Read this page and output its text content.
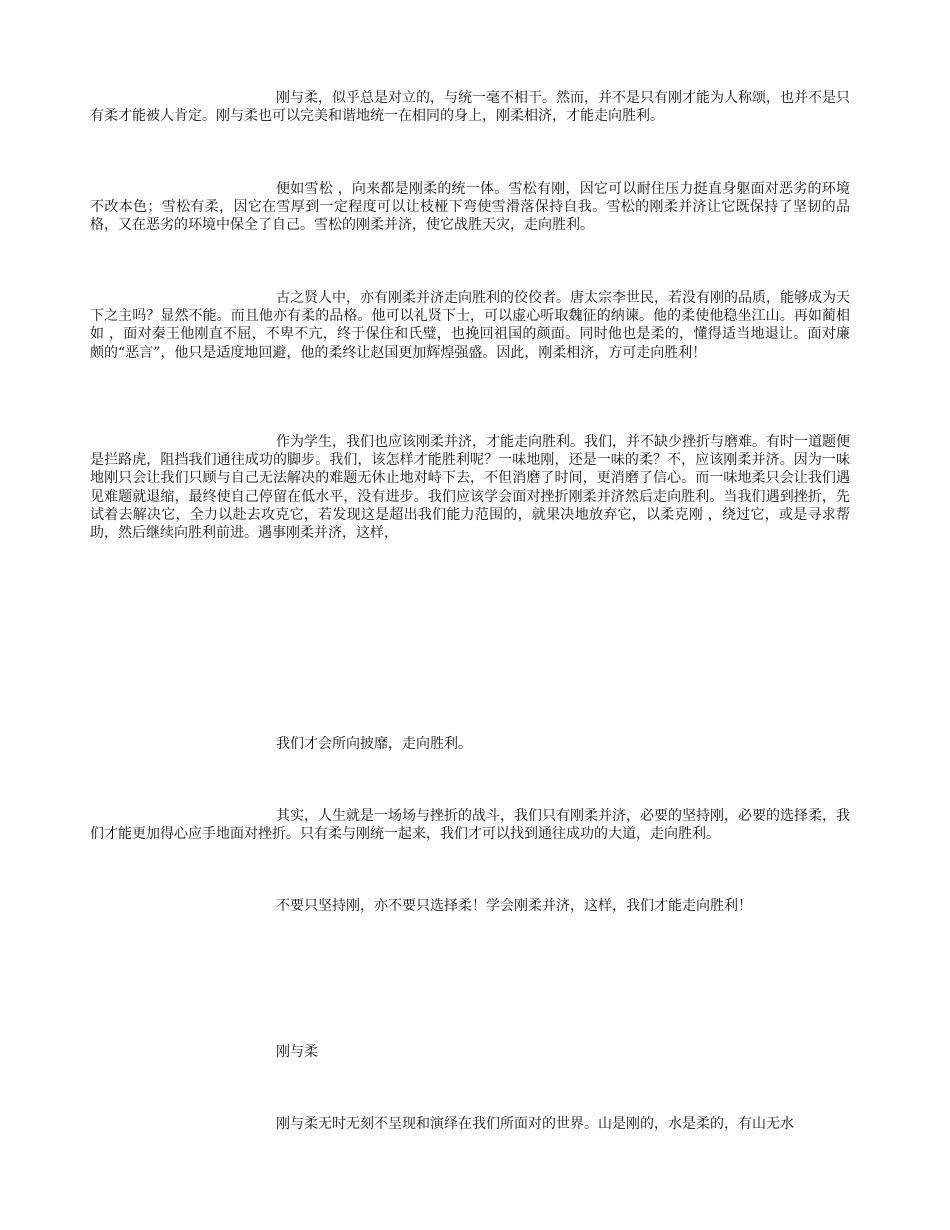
刚与柔，似乎总是对立的，与统一毫不相干。然而，并不是只有刚才能为人称颂，也并不是只有柔才能被人肯定。刚与柔也可以完美和谐地统一在相同的身上，刚柔相济，才能走向胜利。

便如雪松 ，向来都是刚柔的统一体。雪松有刚，因它可以耐住压力挺直身躯面对恶劣的环境不改本色；雪松有柔，因它在雪厚到一定程度可以让枝桠下弯使雪滑落保持自我。雪松的刚柔并济让它既保持了坚韧的品格，又在恶劣的环境中保全了自己。雪松的刚柔并济，使它战胜天灾，走向胜利。

古之贤人中，亦有刚柔并济走向胜利的佼佼者。唐太宗李世民，若没有刚的品质，能够成为天下之主吗？显然不能。而且他亦有柔的品格。他可以礼贤下士，可以虚心听取魏征的纳谏。他的柔使他稳坐江山。再如蔺相如 ，面对秦王他刚直不屈，不卑不亢，终于保住和氏璧，也挽回祖国的颜面。同时他也是柔的，懂得适当地退让。面对廉颇的“恶言”，他只是适度地回避，他的柔终让赵国更加辉煌强盛。因此，刚柔相济，方可走向胜利！

作为学生，我们也应该刚柔并济，才能走向胜利。我们，并不缺少挫折与磨难。有时一道题便是拦路虎，阻挡我们通往成功的脚步。我们，该怎样才能胜利呢？一味地刚，还是一味的柔？不，应该刚柔并济。因为一味地刚只会让我们只顾与自己无法解决的难题无休止地对峙下去，不但消磨了时间，更消磨了信心。而一味地柔只会让我们遇见难题就退缩，最终使自己停留在低水平，没有进步。我们应该学会面对挫折刚柔并济然后走向胜利。当我们遇到挫折，先试着去解决它，全力以赴去攻克它，若发现这是超出我们能力范围的，就果决地放弃它，以柔克刚 ，绕过它，或是寻求帮助，然后继续向胜利前进。遇事刚柔并济，这样，

我们才会所向披靡，走向胜利。

其实，人生就是一场场与挫折的战斗，我们只有刚柔并济，必要的坚持刚，必要的选择柔，我们才能更加得心应手地面对挫折。只有柔与刚统一起来，我们才可以找到通往成功的大道，走向胜利。

不要只坚持刚，亦不要只选择柔！学会刚柔并济，这样，我们才能走向胜利！

刚与柔

刚与柔无时无刻不呈现和演绎在我们所面对的世界。山是刚的，水是柔的，有山无水
